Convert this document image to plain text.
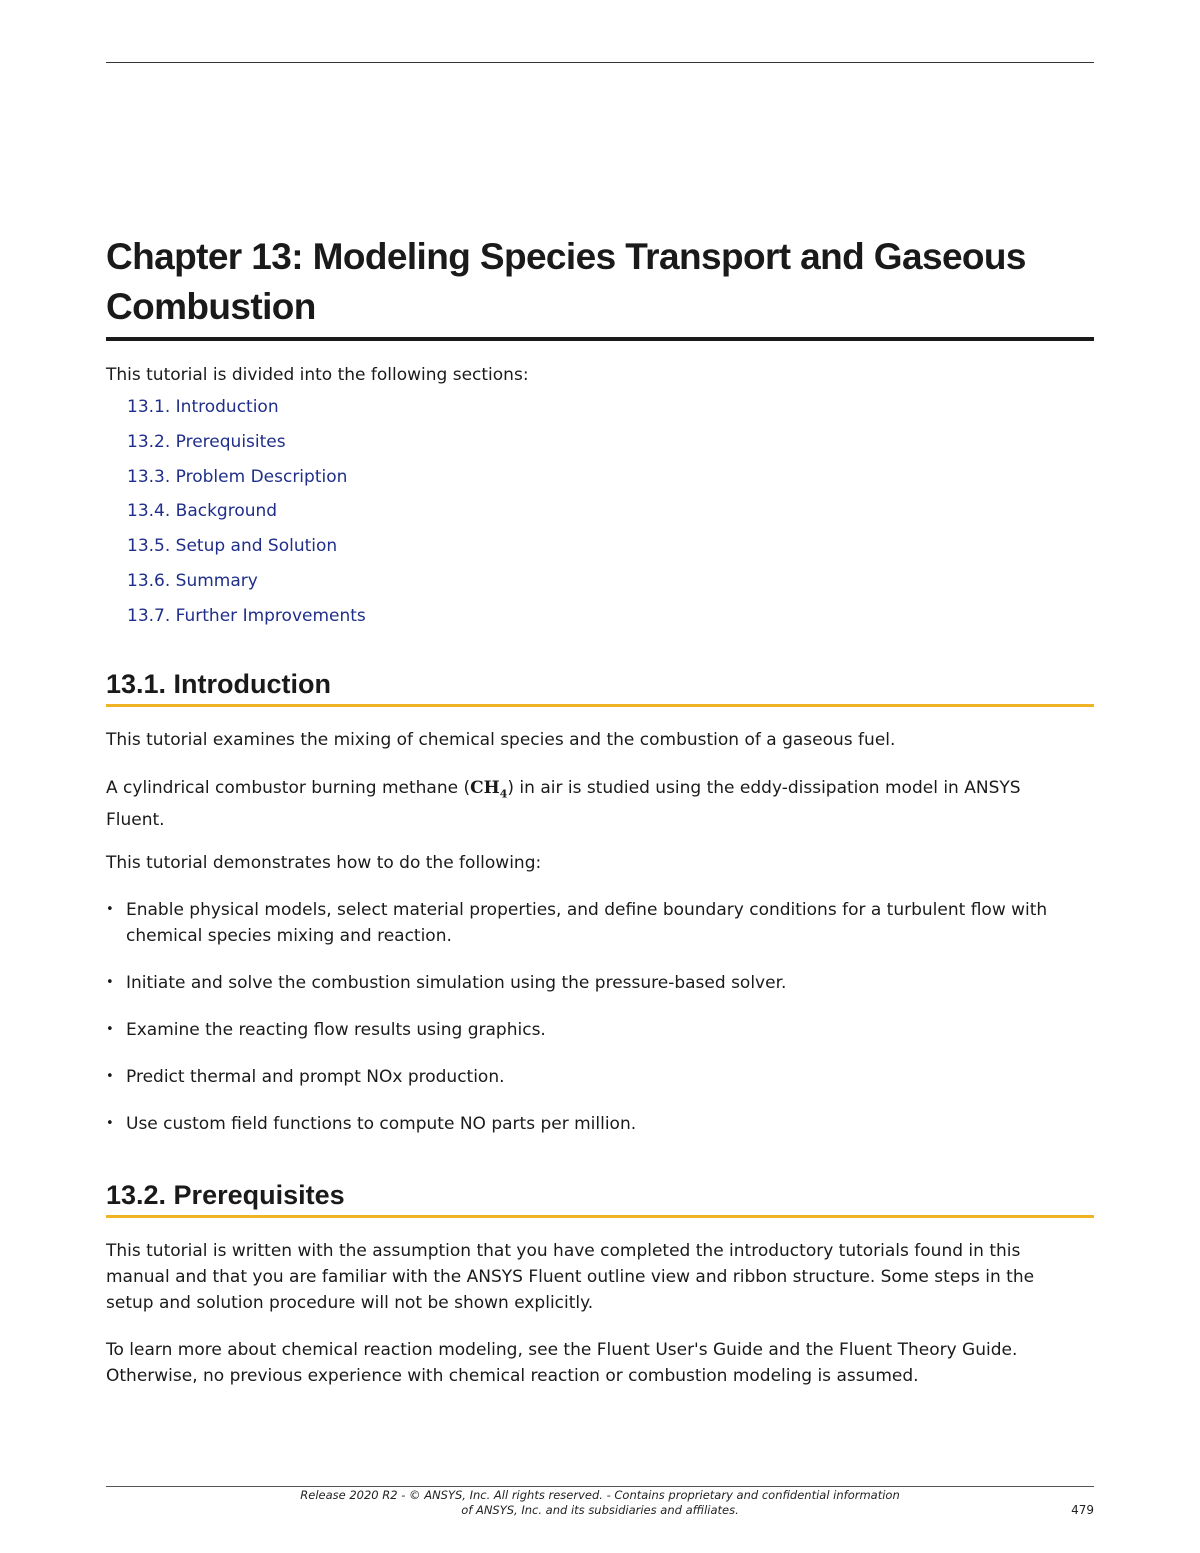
Chapter 13: Modeling Species Transport and Gaseous Combustion

This tutorial is divided into the following sections:

13.1. Introduction
13.2. Prerequisites
13.3. Problem Description
13.4. Background
13.5. Setup and Solution
13.6. Summary
13.7. Further Improvements
13.1. Introduction

This tutorial examines the mixing of chemical species and the combustion of a gaseous fuel.

A cylindrical combustor burning methane $(CH_4)$ in air is studied using the eddy-dissipation model in ANSYS Fluent.

This tutorial demonstrates how to do the following:

• Enable physical models, select material properties, and define boundary conditions for a turbulent flow with chemical species mixing and reaction.
• Initiate and solve the combustion simulation using the pressure-based solver.
• Examine the reacting flow results using graphics.
• Predict thermal and prompt NOx production.
• Use custom field functions to compute NO parts per million.
13.2. Prerequisites

This tutorial is written with the assumption that you have completed the introductory tutorials found in this manual and that you are familiar with the ANSYS Fluent outline view and ribbon structure. Some steps in the setup and solution procedure will not be shown explicitly.

To learn more about chemical reaction modeling, see the Fluent User's Guide and the Fluent Theory Guide. Otherwise, no previous experience with chemical reaction or combustion modeling is assumed.

Release 2020 R2 - © ANSYS, Inc. All rights reserved. - Contains proprietary and confidential information
of ANSYS, Inc. and its subsidiaries and affiliates.	479
